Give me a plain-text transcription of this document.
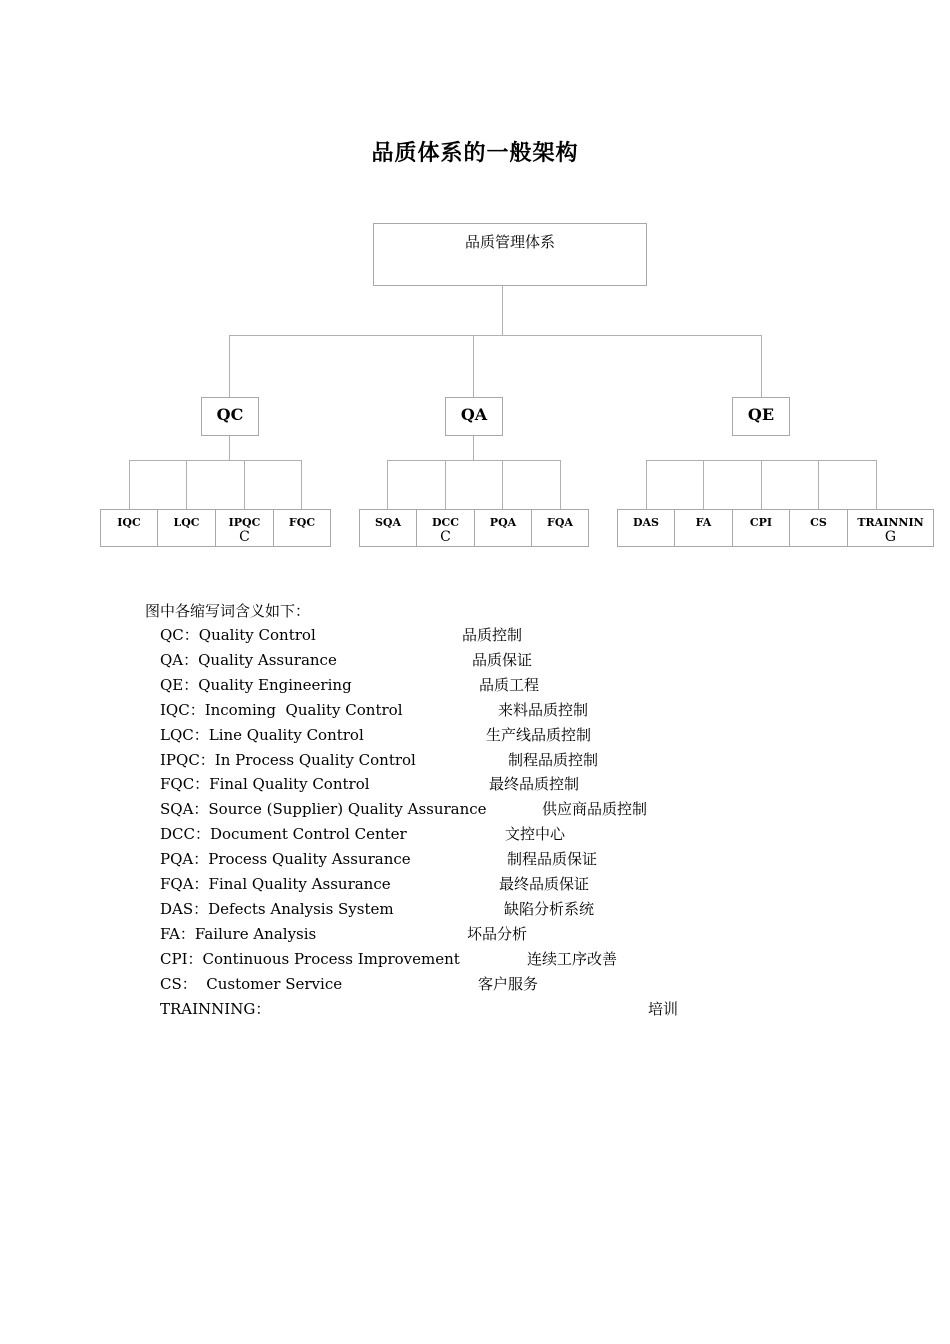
品质体系的一般架构
品质管理体系
QC	QA	QE
IQC	LQC	IPQC
C
FQC	SQA	DCC
C
PQA	FQA	DAS	FA	CPI	CS	TRAINNIN
G
图中各缩写词含义如下：
QC：Quality Control	品质控制
QA：Quality Assurance	品质保证
QE：Quality Engineering	品质工程
IQC：Incoming  Quality Control	来料品质控制
LQC：Line Quality Control	生产线品质控制
IPQC：In Process Quality Control	制程品质控制
FQC：Final Quality Control	最终品质控制
SQA：Source (Supplier) Quality Assurance	供应商品质控制
DCC：Document Control Center	文控中心
PQA：Process Quality Assurance	制程品质保证
FQA：Final Quality Assurance	最终品质保证
DAS：Defects Analysis System	缺陷分析系统
FA：Failure Analysis	坏品分析
CPI：Continuous Process Improvement	连续工序改善
CS：  Customer Service	客户服务
TRAINNING：	培训
